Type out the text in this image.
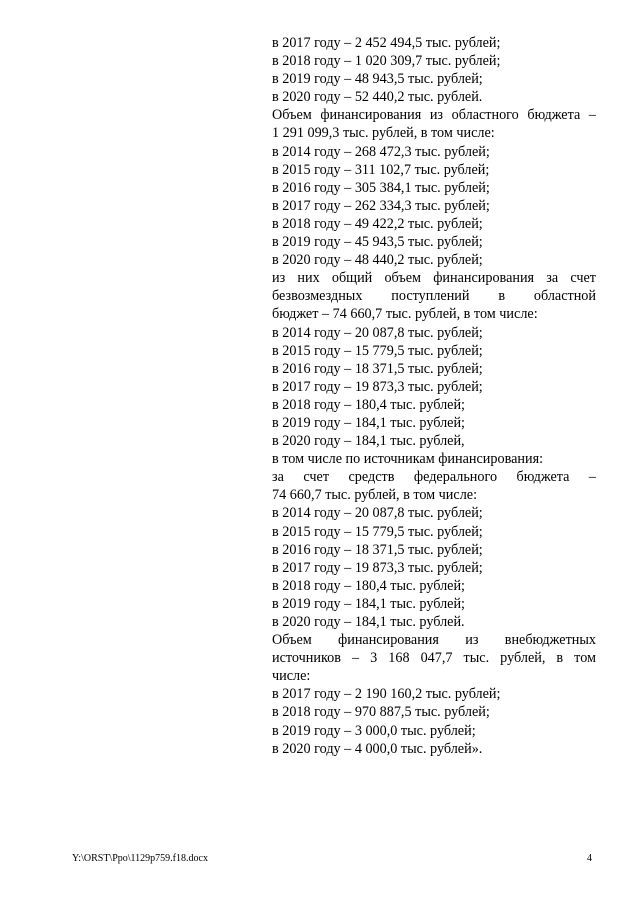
в 2017 году – 2 452 494,5 тыс. рублей;
в 2018 году – 1 020 309,7 тыс. рублей;
в 2019 году – 48 943,5 тыс. рублей;
в 2020 году – 52 440,2 тыс. рублей.
Объем финансирования из областного бюджета –
1 291 099,3 тыс. рублей, в том числе:
в 2014 году – 268 472,3 тыс. рублей;
в 2015 году – 311 102,7 тыс. рублей;
в 2016 году – 305 384,1 тыс. рублей;
в 2017 году – 262 334,3 тыс. рублей;
в 2018 году – 49 422,2 тыс. рублей;
в 2019 году – 45 943,5 тыс. рублей;
в 2020 году – 48 440,2 тыс. рублей;
из них общий объем финансирования за счет
безвозмездных поступлений в областной
бюджет – 74 660,7 тыс. рублей, в том числе:
в 2014 году – 20 087,8 тыс. рублей;
в 2015 году – 15 779,5 тыс. рублей;
в 2016 году – 18 371,5 тыс. рублей;
в 2017 году – 19 873,3 тыс. рублей;
в 2018 году – 180,4 тыс. рублей;
в 2019 году – 184,1 тыс. рублей;
в 2020 году – 184,1 тыс. рублей,
в том числе по источникам финансирования:
за счет средств федерального бюджета –
74 660,7 тыс. рублей, в том числе:
в 2014 году – 20 087,8 тыс. рублей;
в 2015 году – 15 779,5 тыс. рублей;
в 2016 году – 18 371,5 тыс. рублей;
в 2017 году – 19 873,3 тыс. рублей;
в 2018 году – 180,4 тыс. рублей;
в 2019 году – 184,1 тыс. рублей;
в 2020 году – 184,1 тыс. рублей.
Объем финансирования из внебюджетных
источников – 3 168 047,7 тыс. рублей, в том
числе:
в 2017 году – 2 190 160,2 тыс. рублей;
в 2018 году – 970 887,5 тыс. рублей;
в 2019 году – 3 000,0 тыс. рублей;
в 2020 году – 4 000,0 тыс. рублей».
Y:\ORST\Ppo\1129p759.f18.docx	4
